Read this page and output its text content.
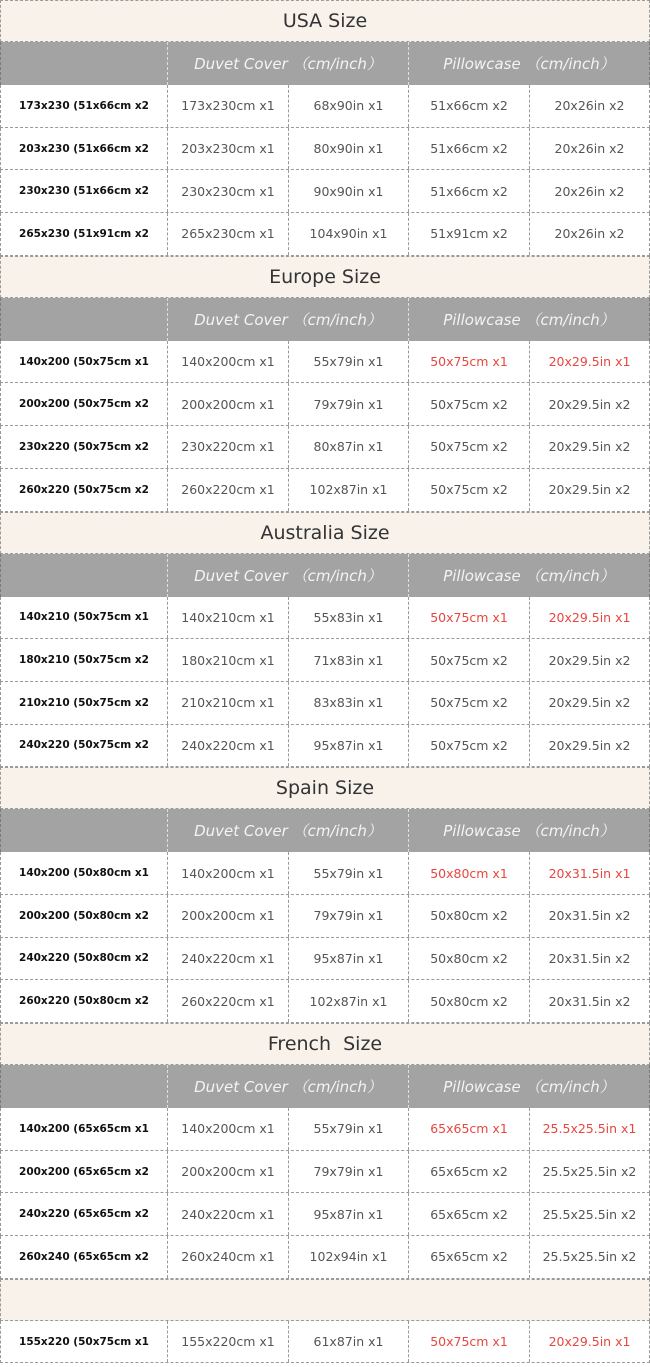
USA Size
Duvet Cover （cm/inch）	Pillowcase （cm/inch）
173x230 (51x66cm x2	173x230cm x1	68x90in x1	51x66cm x2	20x26in x2
203x230 (51x66cm x2	203x230cm x1	80x90in x1	51x66cm x2	20x26in x2
230x230 (51x66cm x2	230x230cm x1	90x90in x1	51x66cm x2	20x26in x2
265x230 (51x91cm x2	265x230cm x1	104x90in x1	51x91cm x2	20x26in x2
Europe Size
Duvet Cover （cm/inch）	Pillowcase （cm/inch）
140x200 (50x75cm x1	140x200cm x1	55x79in x1	50x75cm x1	20x29.5in x1
200x200 (50x75cm x2	200x200cm x1	79x79in x1	50x75cm x2	20x29.5in x2
230x220 (50x75cm x2	230x220cm x1	80x87in x1	50x75cm x2	20x29.5in x2
260x220 (50x75cm x2	260x220cm x1	102x87in x1	50x75cm x2	20x29.5in x2
Australia Size
Duvet Cover （cm/inch）	Pillowcase （cm/inch）
140x210 (50x75cm x1	140x210cm x1	55x83in x1	50x75cm x1	20x29.5in x1
180x210 (50x75cm x2	180x210cm x1	71x83in x1	50x75cm x2	20x29.5in x2
210x210 (50x75cm x2	210x210cm x1	83x83in x1	50x75cm x2	20x29.5in x2
240x220 (50x75cm x2	240x220cm x1	95x87in x1	50x75cm x2	20x29.5in x2
Spain Size
Duvet Cover （cm/inch）	Pillowcase （cm/inch）
140x200 (50x80cm x1	140x200cm x1	55x79in x1	50x80cm x1	20x31.5in x1
200x200 (50x80cm x2	200x200cm x1	79x79in x1	50x80cm x2	20x31.5in x2
240x220 (50x80cm x2	240x220cm x1	95x87in x1	50x80cm x2	20x31.5in x2
260x220 (50x80cm x2	260x220cm x1	102x87in x1	50x80cm x2	20x31.5in x2
French  Size
Duvet Cover （cm/inch）	Pillowcase （cm/inch）
140x200 (65x65cm x1	140x200cm x1	55x79in x1	65x65cm x1	25.5x25.5in x1
200x200 (65x65cm x2	200x200cm x1	79x79in x1	65x65cm x2	25.5x25.5in x2
240x220 (65x65cm x2	240x220cm x1	95x87in x1	65x65cm x2	25.5x25.5in x2
260x240 (65x65cm x2	260x240cm x1	102x94in x1	65x65cm x2	25.5x25.5in x2
155x220 (50x75cm x1	155x220cm x1	61x87in x1	50x75cm x1	20x29.5in x1
